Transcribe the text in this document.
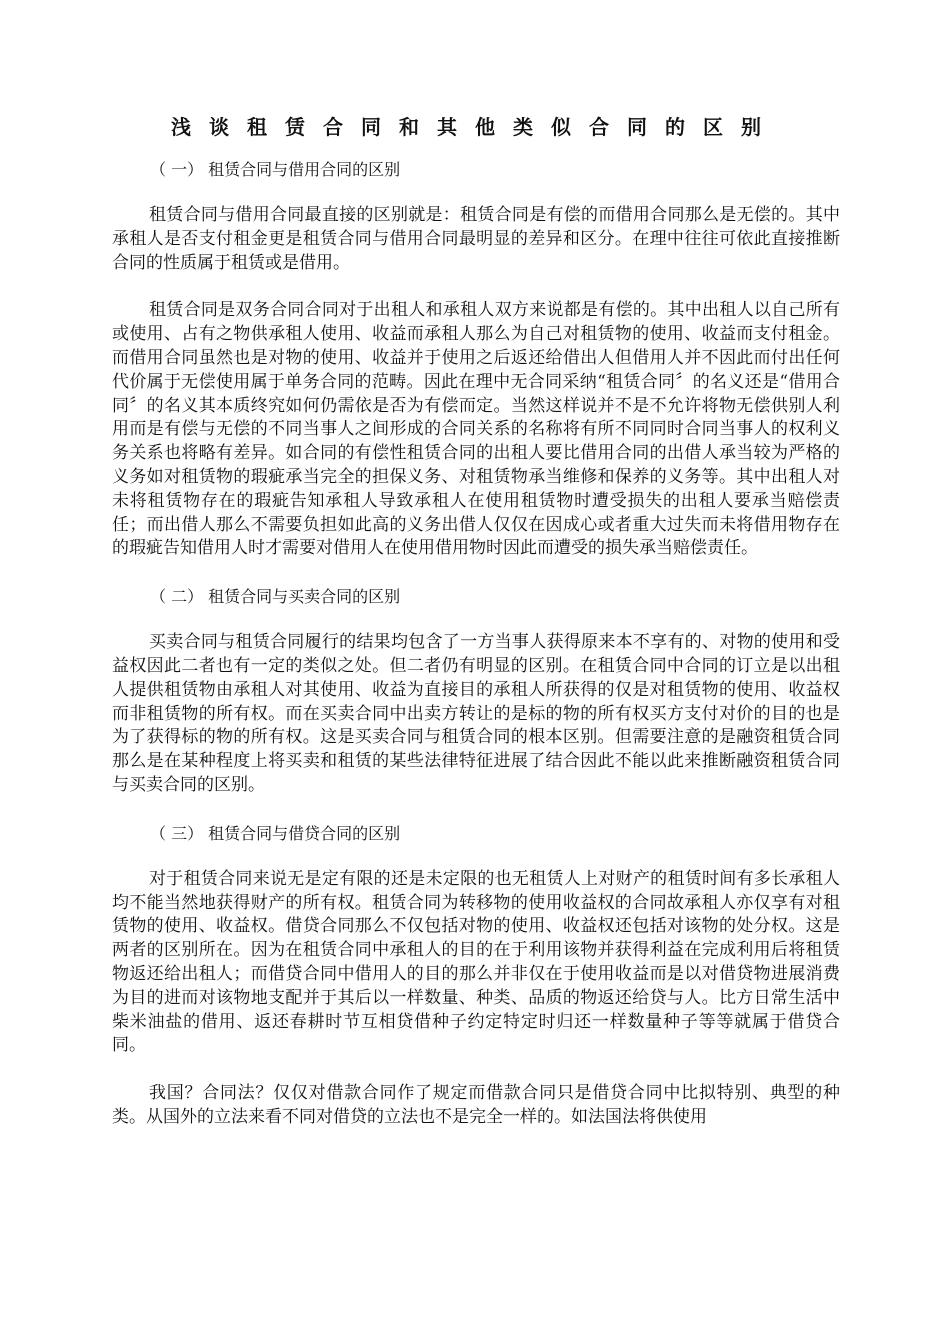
浅谈租赁合同和其他类似合同的区别

（ 一） 租赁合同与借用合同的区别

租赁合同与借用合同最直接的区别就是：租赁合同是有偿的而借用合同那么是无偿的。其中承租人是否支付租金更是租赁合同与借用合同最明显的差异和区分。在理中往往可依此直接推断合同的性质属于租赁或是借用。

租赁合同是双务合同合同对于出租人和承租人双方来说都是有偿的。其中出租人以自己所有或使用、占有之物供承租人使用、收益而承租人那么为自己对租赁物的使用、收益而支付租金。而借用合同虽然也是对物的使用、收益并于使用之后返还给借出人但借用人并不因此而付出任何代价属于无偿使用属于单务合同的范畴。因此在理中无合同采纳“租赁合同〞的名义还是“借用合同〞的名义其本质终究如何仍需依是否为有偿而定。当然这样说并不是不允许将物无偿供别人利用而是有偿与无偿的不同当事人之间形成的合同关系的名称将有所不同同时合同当事人的权利义务关系也将略有差异。如合同的有偿性租赁合同的出租人要比借用合同的出借人承当较为严格的义务如对租赁物的瑕疵承当完全的担保义务、对租赁物承当维修和保养的义务等。其中出租人对未将租赁物存在的瑕疵告知承租人导致承租人在使用租赁物时遭受损失的出租人要承当赔偿责任；而出借人那么不需要负担如此高的义务出借人仅仅在因成心或者重大过失而未将借用物存在的瑕疵告知借用人时才需要对借用人在使用借用物时因此而遭受的损失承当赔偿责任。

（ 二） 租赁合同与买卖合同的区别

买卖合同与租赁合同履行的结果均包含了一方当事人获得原来本不享有的、对物的使用和受益权因此二者也有一定的类似之处。但二者仍有明显的区别。在租赁合同中合同的订立是以出租人提供租赁物由承租人对其使用、收益为直接目的承租人所获得的仅是对租赁物的使用、收益权而非租赁物的所有权。而在买卖合同中出卖方转让的是标的物的所有权买方支付对价的目的也是为了获得标的物的所有权。这是买卖合同与租赁合同的根本区别。但需要注意的是融资租赁合同那么是在某种程度上将买卖和租赁的某些法律特征进展了结合因此不能以此来推断融资租赁合同与买卖合同的区别。

（ 三） 租赁合同与借贷合同的区别

对于租赁合同来说无是定有限的还是未定限的也无租赁人上对财产的租赁时间有多长承租人均不能当然地获得财产的所有权。租赁合同为转移物的使用收益权的合同故承租人亦仅享有对租赁物的使用、收益权。借贷合同那么不仅包括对物的使用、收益权还包括对该物的处分权。这是两者的区别所在。因为在租赁合同中承租人的目的在于利用该物并获得利益在完成利用后将租赁物返还给出租人；而借贷合同中借用人的目的那么并非仅在于使用收益而是以对借贷物进展消费为目的进而对该物地支配并于其后以一样数量、种类、品质的物返还给贷与人。比方日常生活中柴米油盐的借用、返还春耕时节互相贷借种子约定特定时归还一样数量种子等等就属于借贷合同。

我国？合同法？仅仅对借款合同作了规定而借款合同只是借贷合同中比拟特别、典型的种类。从国外的立法来看不同对借贷的立法也不是完全一样的。如法国法将供使用
